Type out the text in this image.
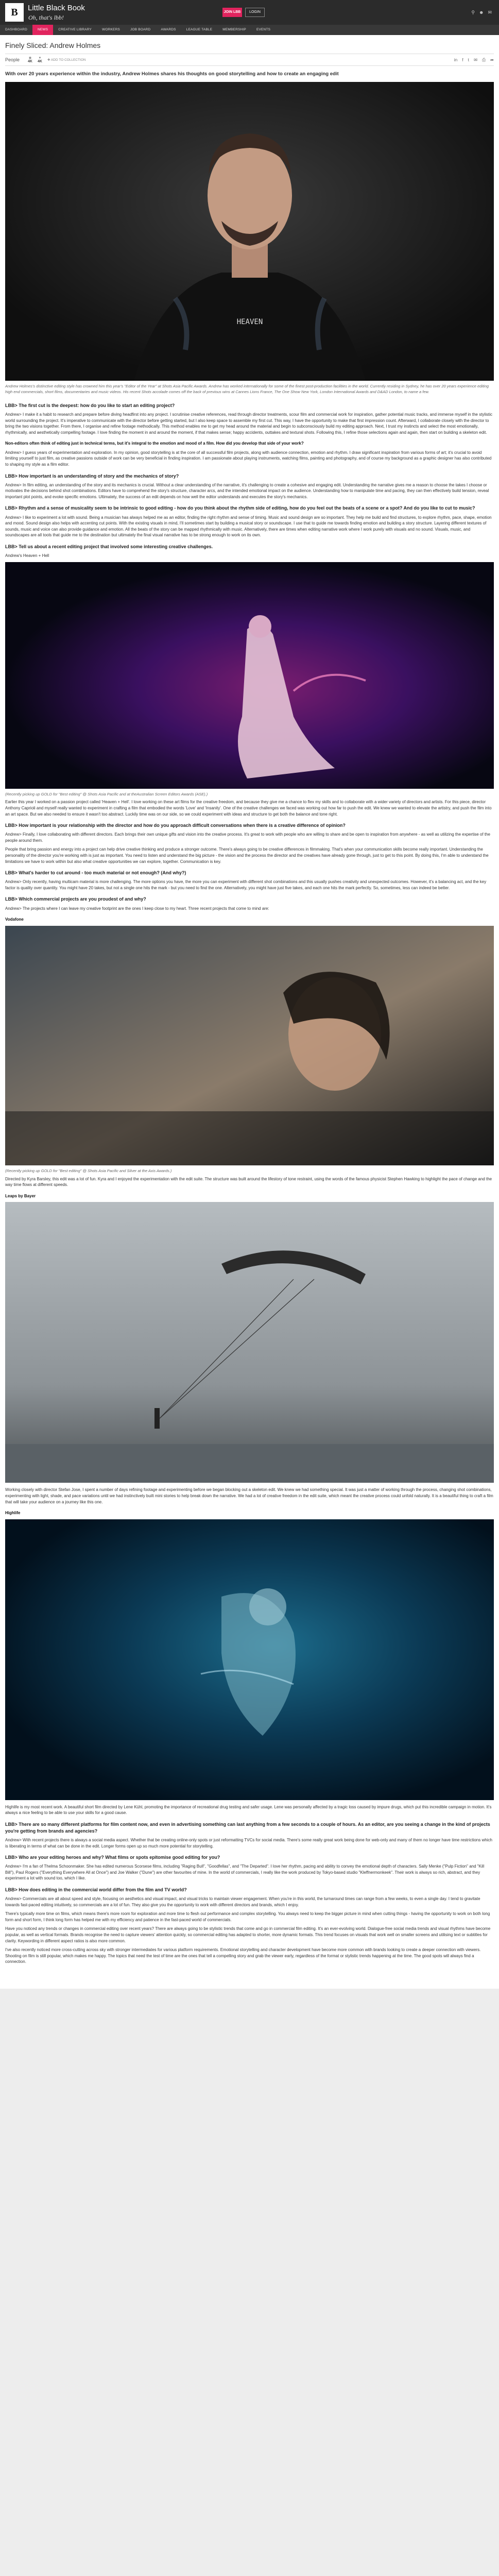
B Little Black Book
Oh, that's lbb!
JOIN LBB	LOGIN	⚲ ☻ ✉
DASHBOARD	NEWS	CREATIVE LIBRARY	WORKERS	JOB BOARD	AWARDS	LEAGUE TABLE	MEMBERSHIP	EVENTS
Finely Sliced: Andrew Holmes
People	◉
4K
♥
4K ✚ ADD TO COLLECTION	in f t ✉ ⎙ ➦
With over 20 years experience within the industry, Andrew Holmes shares his thoughts on good storytelling and how to create an engaging edit
HEAVEN
Andrew Holmes's distinctive editing style has crowned him this year's "Editor of the Year" at Shots Asia Pacific Awards. Andrew has worked internationally for some of the finest post-production facilities in the world. Currently residing in Sydney, he has over 20 years experience editing high end commercials, short films, documentaries and music videos. His recent Shots accolade comes off the back of previous wins at Cannes Lions France, The One Show New York, London International Awards and D&AD London, to name a few.
LBB> The first cut is the deepest: how do you like to start an editing project?

Andrew> I make it a habit to research and prepare before diving headfirst into any project. I scrutinise creative references, read through director treatments, scour film and commercial work for inspiration, gather potential music tracks, and immerse myself in the stylistic world surrounding the project. It's imperative to communicate with the director before getting started, but I also keep space to assemble my first cut. This way, I have the opportunity to make that first impression count. Afterward, I collaborate closely with the director to bring the two visions together. From there, I organise and refine footage methodically. This method enables me to get my head around the material and begin to subconsciously build my editing approach. Next, I trust my instincts and select the most emotionally, rhythmically, and aesthetically compelling footage. I love finding the moment in and around the moment, if that makes sense; happy accidents, outtakes and textural shots. Following this, I refine those selections again and again, then start on building a skeleton edit.

Non-editors often think of editing just in technical terms, but it's integral to the emotion and mood of a film. How did you develop that side of your work?

Andrew> I guess years of experimentation and exploration. In my opinion, good storytelling is at the core of all successful film projects, along with audience connection, emotion and rhythm. I draw significant inspiration from various forms of art; it's crucial to avoid limiting yourself to just film, as creative passions outside of work can be very beneficial in finding inspiration. I am passionate about playing instruments, watching films, painting and photography, and of course my background as a graphic designer has also contributed to shaping my style as a film editor.

LBB> How important is an understanding of story and the mechanics of story?

Andrew> In film editing, an understanding of the story and its mechanics is crucial. Without a clear understanding of the narrative, it's challenging to create a cohesive and engaging edit. Understanding the narrative gives me a reason to choose the takes I choose or motivates the decisions behind shot combinations. Editors have to comprehend the story's structure, character arcs, and the intended emotional impact on the audience. Understanding how to manipulate time and pacing, they can then effectively build tension, reveal important plot points, and evoke specific emotions. Ultimately, the success of an edit depends on how well the editor understands and executes the story's mechanics.

LBB> Rhythm and a sense of musicality seem to be intrinsic to good editing - how do you think about the rhythm side of editing, how do you feel out the beats of a scene or a spot? And do you like to cut to music?

Andrew> I like to experiment a lot with sound. Being a musician has always helped me as an editor, finding the right rhythm and sense of timing. Music and sound design are so important. They help me build and find structures, to explore rhythm, pace, shape, emotion and mood. Sound design also helps with accenting cut points. With the existing visuals in mind, I'll sometimes start by building a musical story or soundscape. I use that to guide me towards finding emotion and building a story structure. Layering different textures of sounds, music and voice can also provide guidance and emotion. All the beats of the story can be mapped rhythmically with music. Alternatively, there are times when editing narrative work where I work purely with visuals and no sound. Visuals, music, and soundscapes are all tools that guide me to the destination but ultimately the final visual narrative has to be strong enough to work on its own.

LBB> Tell us about a recent editing project that involved some interesting creative challenges.

Andrew's Heaven + Hell

(Recently picking up GOLD for "Best editing" @ Shots Asia Pacific and at theAustralian Screen Editors Awards (ASE).)

Earlier this year I worked on a passion project called 'Heaven + Hell'. I love working on these art films for the creative freedom, and because they give me a chance to flex my skills and to collaborate with a wider variety of directors and artists. For this piece, director Anthony Caprioli and myself really wanted to experiment in crafting a film that embodied the words 'Love' and 'Insanity'. One of the creative challenges we faced was working out how far to push the edit. We knew we wanted to elevate the artistry, and push the film into an art space. But we also needed to ensure it wasn't too abstract. Luckily time was on our side, so we could experiment with ideas and structure to get both the balance and tone right.

LBB> How important is your relationship with the director and how do you approach difficult conversations when there is a creative difference of opinion?

Andrew> Finally, I love collaborating with different directors. Each brings their own unique gifts and vision into the creative process. It's great to work with people who are willing to share and be open to inspiration from anywhere - as well as utilizing the expertise of the people around them.

People that bring passion and energy into a project can help drive creative thinking and produce a stronger outcome. There's always going to be creative differences in filmmaking. That's when your communication skills become really important. Understanding the personality of the director you're working with is just as important. You need to listen and understand the big picture - the vision and the process the director and the creatives have already gone through, just to get to this point. By doing this, I'm able to understand the limitations we have to work within but also what creative opportunities we can explore, together. Communication is key.

LBB> What's harder to cut around - too much material or not enough? (And why?)

Andrew> Only recently, having multicam material is more challenging. The more options you have, the more you can experiment with different shot combinations and this usually pushes creativity and unexpected outcomes. However, it's a balancing act, and the key factor is quality over quantity. You might have 20 takes, but not a single one hits the mark - but you need to find the one. Alternatively, you might have just five takes, and each one hits the mark perfectly. So, sometimes, less can indeed be better.

LBB> Which commercial projects are you proudest of and why?

Andrew> The projects where I can leave my creative footprint are the ones I keep close to my heart. Three recent projects that come to mind are:

Vodafone

(Recently picking up GOLD for "Best editing" @ Shots Asia Pacific and Silver at the Axis Awards.)

Directed by Kyra Barsley, this edit was a lot of fun. Kyra and I enjoyed the experimentation with the edit suite. The structure was built around the lifestory of tone restraint, using the words of the famous physicist Stephen Hawking to highlight the pace of change and the way time flows at different speeds.

Leaps by Bayer

Working closely with director Stefan Jose, I spent a number of days refining footage and experimenting before we began blocking out a skeleton edit. We knew we had something special. It was just a matter of working through the process, changing shot combinations, experimenting with light, shade, and pace variations until we had instinctively built mini stories to help break down the narrative. We had a lot of creative freedom in the edit suite, which meant the creative process could unfold naturally. It is a beautiful thing to craft a film that will take your audience on a journey like this one.

Highlife

Highlife is my most recent work. A beautiful short film directed by Lene Kühl, promoting the importance of recreational drug testing and safer usage. Lene was personally affected by a tragic loss caused by impure drugs, which put this incredible campaign in motion. It's always a nice feeling to be able to use your skills for a good cause.

LBB> There are so many different platforms for film content now, and even in advertising something can last anything from a few seconds to a couple of hours. As an editor, are you seeing a change in the kind of projects you're getting from brands and agencies?

Andrew> With recent projects there is always a social media aspect. Whether that be creating online-only spots or just reformatting TVCs for social media. There's some really great work being done for web-only and many of them no longer have time restrictions which is liberating in terms of what can be done in the edit. Longer forms open up so much more potential for storytelling.

LBB> Who are your editing heroes and why? What films or spots epitomise good editing for you?

Andrew> I'm a fan of Thelma Schoonmaker. She has edited numerous Scorsese films, including "Raging Bull", "Goodfellas", and "The Departed". I love her rhythm, pacing and ability to convey the emotional depth of characters. Sally Menke ("Pulp Fiction" and "Kill Bill"), Paul Rogers ("Everything Everywhere All at Once") and Joe Walker ("Dune") are other favourites of mine. In the world of commercials, I really like the work produced by Tokyo-based studio "Kleffnermonkeek". Their work is always so rich, abstract, and they experiment a lot with sound too, which I like.

LBB> How does editing in the commercial world differ from the film and TV world?

Andrew> Commercials are all about speed and style, focusing on aesthetics and visual impact, and visual tricks to maintain viewer engagement. When you're in this world, the turnaround times can range from a few weeks, to even a single day. I tend to gravitate towards fast-paced editing intuitively, so commercials are a lot of fun. They also give you the opportunity to work with different directors and brands, which I enjoy.

There's typically more time on films, which means there's more room for exploration and more time to flesh out performance and complex storytelling. You always need to keep the bigger picture in mind when cutting things - having the opportunity to work on both long form and short form, I think long form has helped me with my efficiency and patience in the fast-paced world of commercials.

Have you noticed any trends or changes in commercial editing over recent years? There are always going to be stylistic trends that come and go in commercial film editing. It's an ever-evolving world. Dialogue-free social media trends and visual rhythms have become popular, as well as vertical formats. Brands recognise the need to capture viewers' attention quickly, so commercial editing has adapted to shorter, more dynamic formats. This trend focuses on visuals that work well on smaller screens and utilising text or subtitles for clarity. Keywording in different aspect ratios is also more common.

I've also recently noticed more cross-cutting across sky with stronger intermediates for various platform requirements. Emotional storytelling and character development have become more common with brands looking to create a deeper connection with viewers. Shooting on film is still popular, which makes me happy. The topics that need the test of time are the ones that tell a compelling story and grab the viewer early, regardless of the format or stylistic trends happening at the time. The good spots will always find a connection.
